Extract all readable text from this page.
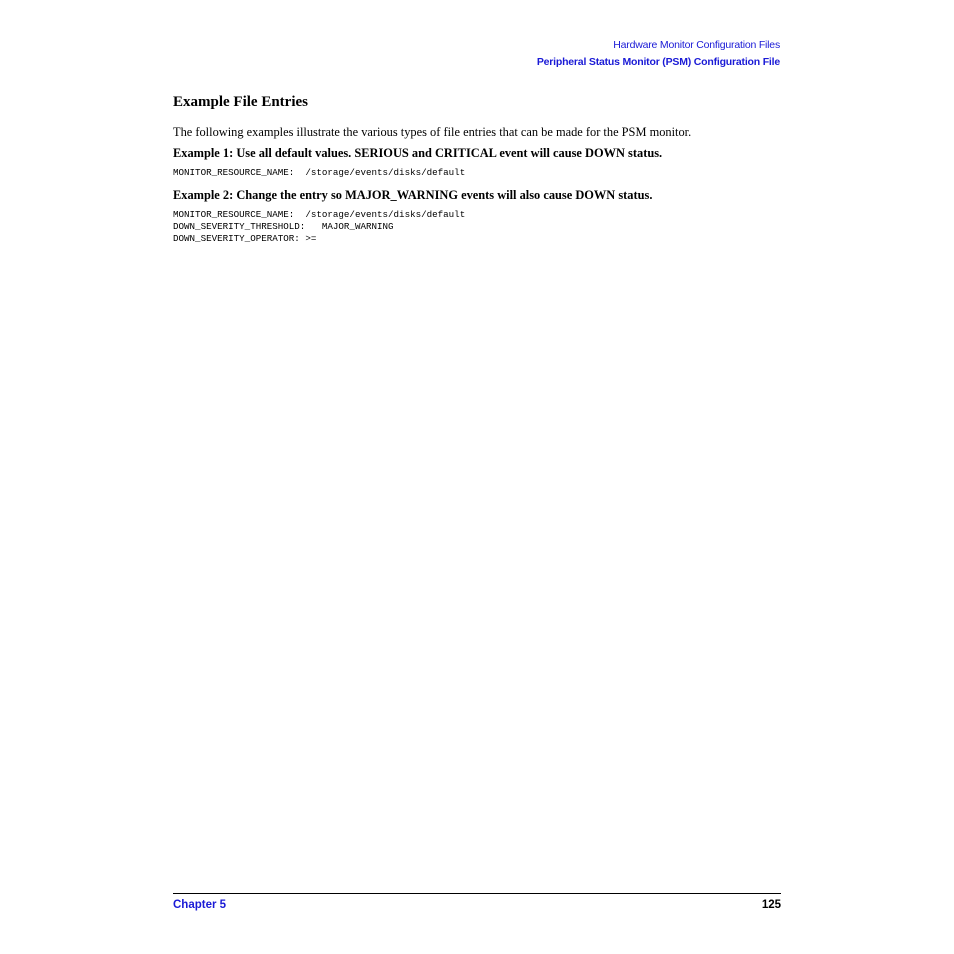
Hardware Monitor Configuration Files
Peripheral Status Monitor (PSM) Configuration File
Example File Entries

The following examples illustrate the various types of file entries that can be made for the PSM monitor.

Example 1: Use all default values. SERIOUS and CRITICAL event will cause DOWN status.

MONITOR_RESOURCE_NAME:  /storage/events/disks/default

Example 2: Change the entry so MAJOR_WARNING events will also cause DOWN status.

MONITOR_RESOURCE_NAME:  /storage/events/disks/default
DOWN_SEVERITY_THRESHOLD:   MAJOR_WARNING
DOWN_SEVERITY_OPERATOR: >=
Chapter 5	125
